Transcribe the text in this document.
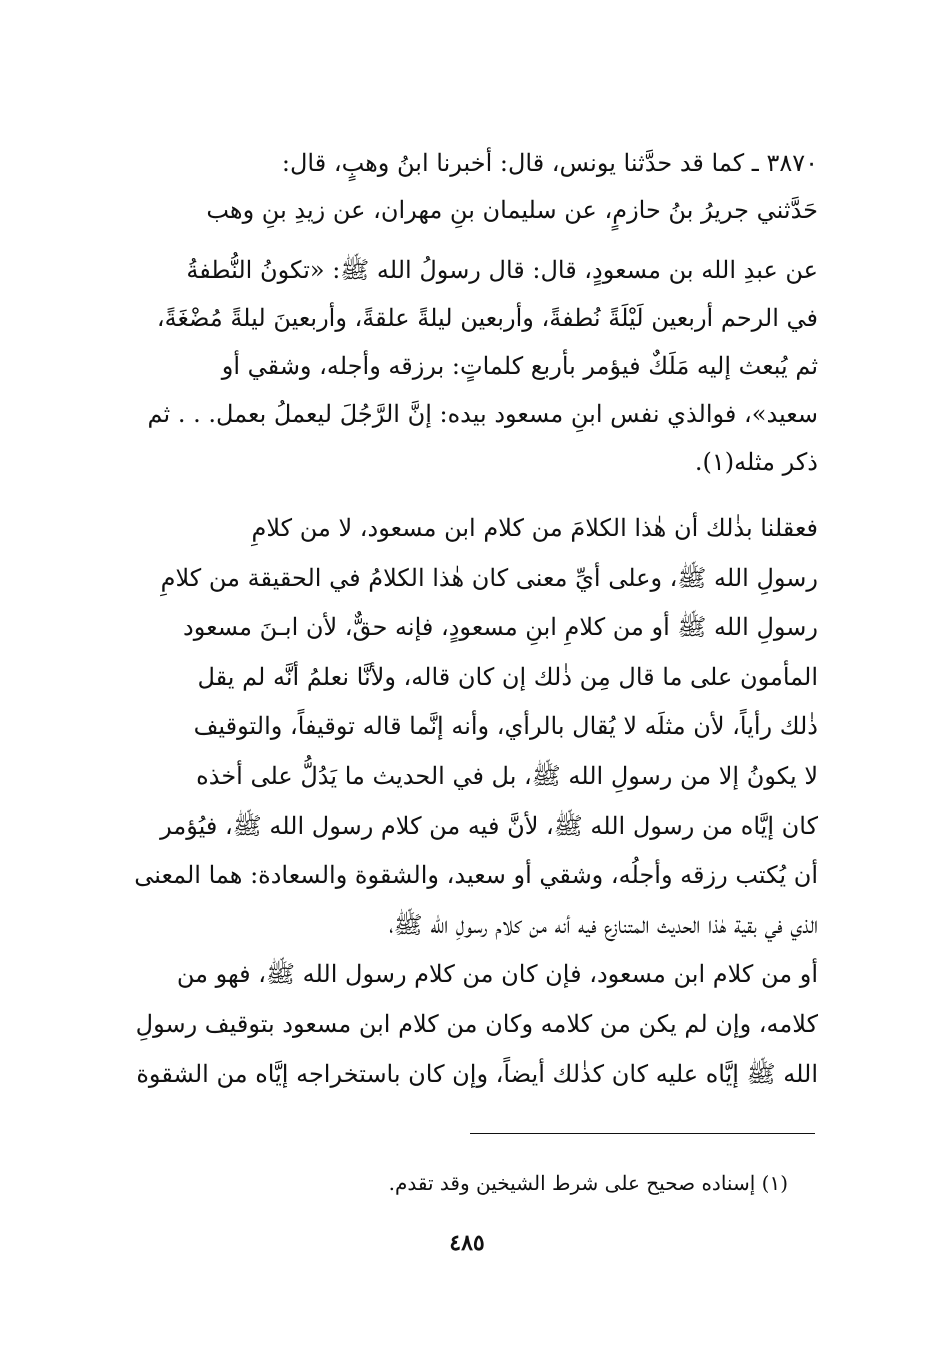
٣٨٧٠ ـ كما قد حدَّثنا يونس، قال: أخبرنا ابنُ وهبٍ، قال:
حَدَّثني جريرُ بنُ حازمٍ، عن سليمان بنِ مهران، عن زيدِ بنِ وهب
عن عبدِ الله بن مسعودٍ، قال: قال رسولُ الله ﷺ: «تكونُ النُّطفةُ
في الرحم أربعين لَيْلَةً نُطفةً، وأربعين ليلةً علقةً، وأربعينَ ليلةً مُضْغَةً،
ثم يُبعث إليه مَلَكٌ فيؤمر بأربع كلماتٍ: برزقه وأجله، وشقي أو
سعيد»، فوالذي نفس ابنِ مسعود بيده: إنَّ الرَّجُلَ ليعملُ بعمل. . . ثم
ذكر مثله(١).
فعقلنا بذٰلك أن هٰذا الكلامَ من كلام ابن مسعود، لا من كلامِ
رسولِ الله ﷺ، وعلى أيِّ معنى كان هٰذا الكلامُ في الحقيقة من كلامِ
رسولِ الله ﷺ أو من كلامِ ابنِ مسعودٍ، فإنه حقٌّ، لأن ابـنَ مسعود
المأمون على ما قال مِن ذٰلك إن كان قاله، ولأنَّا نعلمُ أنَّه لم يقل
ذٰلك رأياً، لأن مثلَه لا يُقال بالرأي، وأنه إنَّما قاله توقيفاً، والتوقيف
لا يكونُ إلا من رسولِ الله ﷺ، بل في الحديث ما يَدُلُّ على أخذه
كان إيَّاه من رسول الله ﷺ، لأنَّ فيه من كلام رسول الله ﷺ، فيُؤمر
أن يُكتب رزقه وأجلُه، وشقي أو سعيد، والشقوة والسعادة: هما المعنى
الذي في بقية هٰذا الحديث المتنازع فيه أنه من كلام رسولِ الله ﷺ،
أو من كلام ابن مسعود، فإن كان من كلام رسول الله ﷺ، فهو من
كلامه، وإن لم يكن من كلامه وكان من كلام ابن مسعود بتوقيف رسولِ
الله ﷺ إيَّاه عليه كان كذٰلك أيضاً، وإن كان باستخراجه إيَّاه من الشقوة
(١) إسناده صحيح على شرط الشيخين وقد تقدم.
٤٨٥
